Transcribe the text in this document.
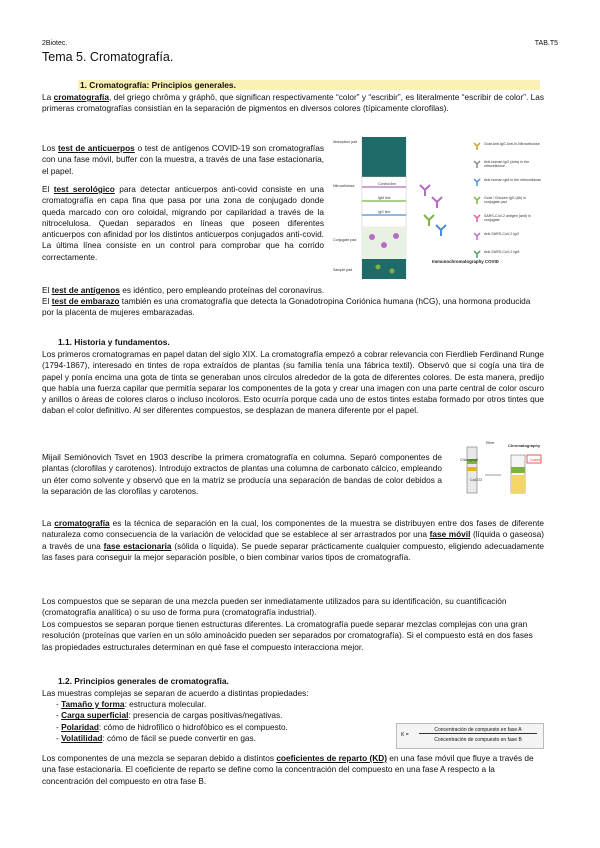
2Biotec.	TAB.T5
Tema 5. Cromatografía.
1. Cromatografía: Principios generales.

La cromatografía, del griego chrōma y gráphō, que significan respectivamente “color” y “escribir”, es literalmente “escribir de color”. Las primeras cromatografías consistían en la separación de pigmentos en diversos colores (típicamente clorofilas).

Los test de anticuerpos o test de antígenos COVID-19 son cromatografías con una fase móvil, buffer con la muestra, a través de una fase estacionaria, el papel.

El test serológico para detectar anticuerpos anti-covid consiste en una cromatografía en capa fina que pasa por una zona de conjugado donde queda marcado con oro coloidal, migrando por capilaridad a través de la nitrocelulosa. Quedan separados en líneas que poseen diferentes anticuerpos con afinidad por los distintos anticuerpos conjugados anti-covid. La última línea consiste en un control para comprobar que ha corrido correctamente.

El test de antígenos es idéntico, pero empleando proteínas del coronavirus.

El test de embarazo también es una cromatografía que detecta la Gonadotropina Coriónica humana (hCG), una hormona producida por la placenta de mujeres embarazadas.

Absorption pad
Nitrocellulose
Conjugate pad
Sample pad
Control line
IgM line
IgG line
Goat Anti-IgG Anti-In-Nitrocellulose
Anti-human IgG (dots) in the nitrocellulose
Anti-human IgM in the nitrocellulose
Goat / Chicken IgG (Ab) in conjugate pad
SARS-CoV-2 antigen (anti) in conjugate
Anti-SARS-CoV-2 IgG
Anti-SARS-CoV-2 IgM
Immunochromatography COVID
1.1. Historia y fundamentos.

Los primeros cromatogramas en papel datan del siglo XIX. La cromatografía empezó a cobrar relevancia con Fierdlieb Ferdinand Runge (1794-1867), interesado en tintes de ropa extraídos de plantas (su familia tenía una fábrica textil). Observó que si cogía una tira de papel y ponía encima una gota de tinta se generaban unos círculos alrededor de la gota de diferentes colores. De esta manera, predijo que había una fuerza capilar que permitía separar los componentes de la gota y crear una imagen con una parte central de color oscuro y anillos o áreas de colores claros o incluso incoloros. Esto ocurría porque cada uno de estos tintes estaba formado por otros tintes que daban el color definitivo. Al ser diferentes compuestos, se desplazan de manera diferente por el papel.

Mijail Semiónovich Tsvet en 1903 describe la primera cromatografía en columna. Separó componentes de plantas (clorofilas y carotenos). Introdujo extractos de plantas una columna de carbonato cálcico, empleando un éter como solvente y observó que en la matriz se producía una separación de bandas de color debidos a la separación de las clorofilas y carotenos.

Ether
Chlorophyll
CaCO3
Chromatography
Colors

La cromatografía es la técnica de separación en la cual, los componentes de la muestra se distribuyen entre dos fases de diferente naturaleza como consecuencia de la variación de velocidad que se establece al ser arrastrados por una fase móvil (líquida o gaseosa) a través de una fase estacionaria (sólida o líquida). Se puede separar prácticamente cualquier compuesto, eligiendo adecuadamente las fases para conseguir la mejor separación posible, o bien combinar varios tipos de cromatografía.

Los compuestos que se separan de una mezcla pueden ser inmediatamente utilizados para su identificación, su cuantificación (cromatografía analítica) o su uso de forma pura (cromatografía industrial).

Los compuestos se separan porque tienen estructuras diferentes. La cromatografía puede separar mezclas complejas con una gran resolución (proteínas que varíen en un sólo aminoácido pueden ser separados por cromatografía). Si el compuesto está en dos fases las propiedades estructurales determinan en qué fase el compuesto interacciona mejor.

1.2. Principios generales de cromatografía.

Las muestras complejas se separan de acuerdo a distintas propiedades:

- Tamaño y forma: estructura molecular.
- Carga superficial: presencia de cargas positivas/negativas.
- Polaridad: cómo de hidrofílico o hidrofóbico es el compuesto.
- Volatilidad: cómo de fácil se puede convertir en gas.	K =
Concentración de compuesto en fase A
Concentración de compuesto en fase B

Los componentes de una mezcla se separan debido a distintos coeficientes de reparto (KD) en una fase móvil que fluye a través de una fase estacionaria. El coeficiente de reparto se define como la concentración del compuesto en una fase A respecto a la concentración del compuesto en otra fase B.
